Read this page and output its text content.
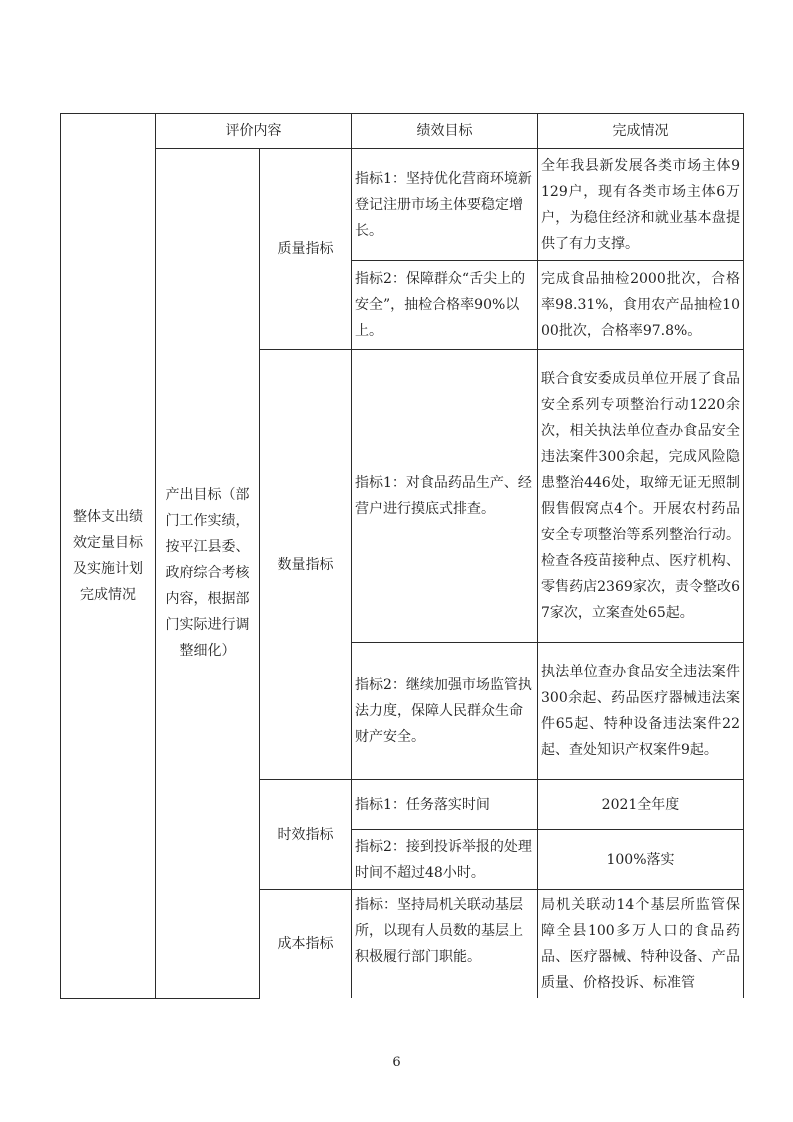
整体支出绩效定量目标及实施计划完成情况	评价内容		绩效目标	完成情况
	产出目标（部门工作实绩，按平江县委、政府综合考核内容，根据部门实际进行调整细化）	质量指标	指标1：坚持优化营商环境新登记注册市场主体要稳定增长。	全年我县新发展各类市场主体9129户，现有各类市场主体6万户，为稳住经济和就业基本盘提供了有力支撑。
			指标2：保障群众“舌尖上的安全”，抽检合格率90%以上。	完成食品抽检2000批次，合格率98.31%，食用农产品抽检1000批次，合格率97.8%。
		数量指标	指标1：对食品药品生产、经营户进行摸底式排查。	联合食安委成员单位开展了食品安全系列专项整治行动1220余次，相关执法单位查办食品安全违法案件300余起，完成风险隐患整治446处，取缔无证无照制假售假窝点4个。开展农村药品安全专项整治等系列整治行动。检查各疫苗接种点、医疗机构、零售药店2369家次，责令整改67家次，立案查处65起。
			指标2：继续加强市场监管执法力度，保障人民群众生命财产安全。	执法单位查办食品安全违法案件300余起、药品医疗器械违法案件65起、特种设备违法案件22起、查处知识产权案件9起。
		时效指标	指标1：任务落实时间	2021全年度
			指标2：接到投诉举报的处理时间不超过48小时。	100%落实
		成本指标	指标：坚持局机关联动基层所，以现有人员数的基层上积极履行部门职能。	局机关联动14个基层所监管保障全县100多万人口的食品药品、医疗器械、特种设备、产品质量、价格投诉、标准管

6
